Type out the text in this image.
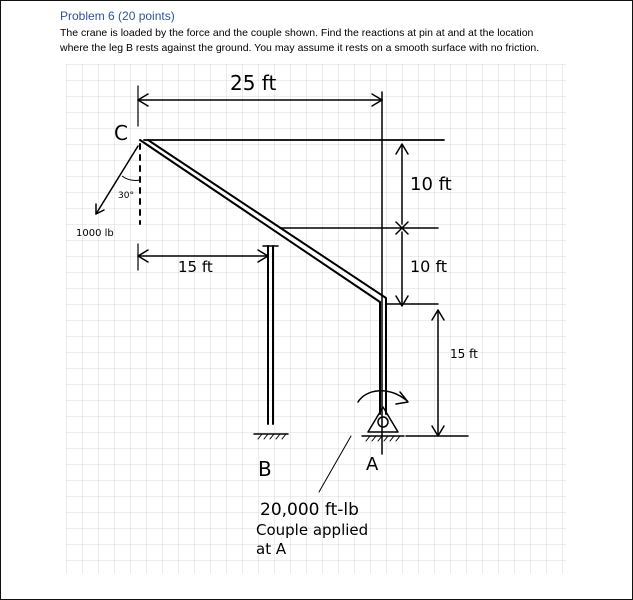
Problem 6 (20 points)
The crane is loaded by the force and the couple shown. Find the reactions at pin at and at the location
where the leg B rests against the ground. You may assume it rests on a smooth surface with no friction.
25 ft
C
30°
1000 lb
15 ft
10 ft
10 ft
15 ft
B	A
20,000 ft-lb
Couple applied
at A
